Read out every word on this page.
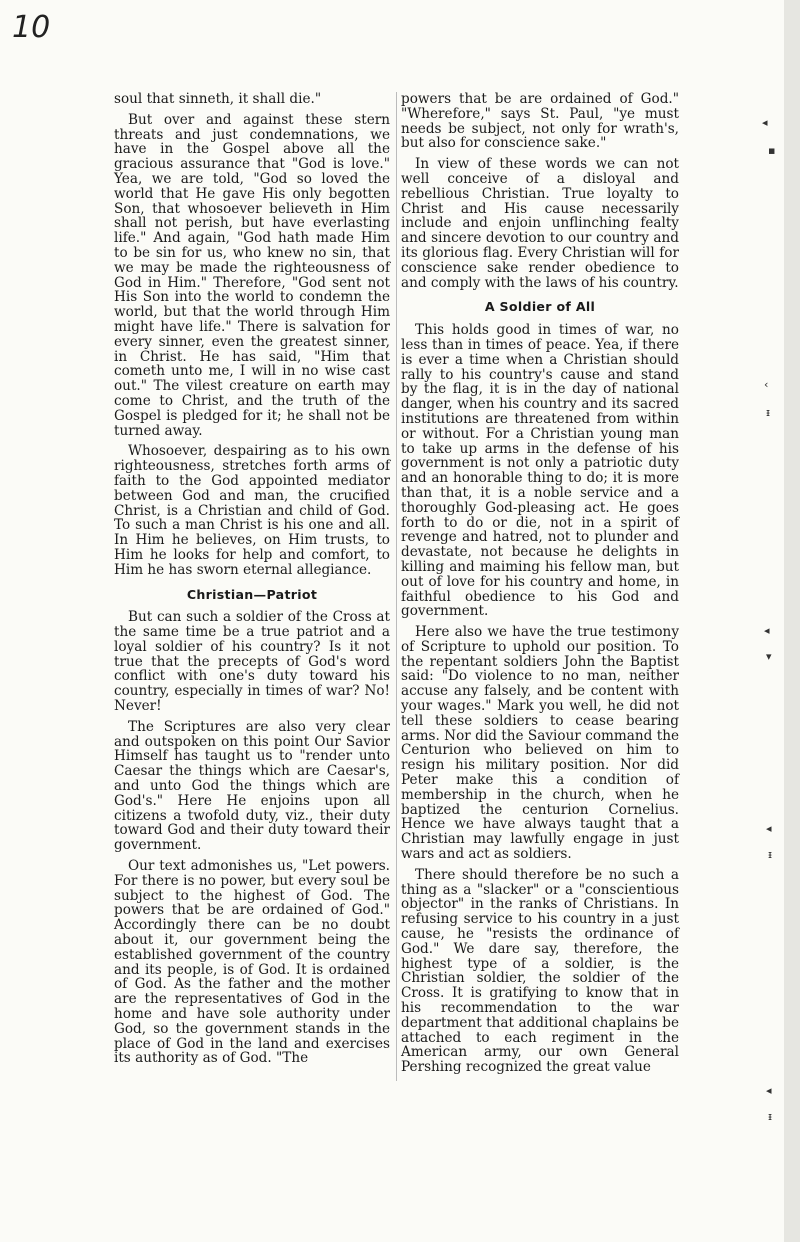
10

soul that sinneth, it shall die."

But over and against these stern threats and just condemnations, we have in the Gospel above all the gracious assurance that "God is love." Yea, we are told, "God so loved the world that He gave His only begotten Son, that whosoever believeth in Him shall not perish, but have everlasting life." And again, "God hath made Him to be sin for us, who knew no sin, that we may be made the righteousness of God in Him." Therefore, "God sent not His Son into the world to condemn the world, but that the world through Him might have life." There is salvation for every sinner, even the greatest sinner, in Christ. He has said, "Him that cometh unto me, I will in no wise cast out." The vilest creature on earth may come to Christ, and the truth of the Gospel is pledged for it; he shall not be turned away.

Whosoever, despairing as to his own righteousness, stretches forth arms of faith to the God appointed mediator between God and man, the crucified Christ, is a Christian and child of God. To such a man Christ is his one and all. In Him he believes, on Him trusts, to Him he looks for help and comfort, to Him he has sworn eternal allegiance.

Christian—Patriot

But can such a soldier of the Cross at the same time be a true patriot and a loyal soldier of his country? Is it not true that the precepts of God's word conflict with one's duty toward his country, especially in times of war? No! Never!

The Scriptures are also very clear and outspoken on this point Our Savior Himself has taught us to "render unto Caesar the things which are Caesar's, and unto God the things which are God's." Here He enjoins upon all citizens a twofold duty, viz., their duty toward God and their duty toward their government.

Our text admonishes us, "Let powers. For there is no power, but every soul be subject to the highest of God. The powers that be are ordained of God." Accordingly there can be no doubt about it, our government being the established government of the country and its people, is of God. It is ordained of God. As the father and the mother are the representatives of God in the home and have sole authority under God, so the government stands in the place of God in the land and exercises its authority as of God. "The

powers that be are ordained of God." "Wherefore," says St. Paul, "ye must needs be subject, not only for wrath's, but also for conscience sake."

In view of these words we can not well conceive of a disloyal and rebellious Christian. True loyalty to Christ and His cause necessarily include and enjoin unflinching fealty and sincere devotion to our country and its glorious flag. Every Christian will for conscience sake render obedience to and comply with the laws of his country.

A Soldier of All

This holds good in times of war, no less than in times of peace. Yea, if there is ever a time when a Christian should rally to his country's cause and stand by the flag, it is in the day of national danger, when his country and its sacred institutions are threatened from within or without. For a Christian young man to take up arms in the defense of his government is not only a patriotic duty and an honorable thing to do; it is more than that, it is a noble service and a thoroughly God-pleasing act. He goes forth to do or die, not in a spirit of revenge and hatred, not to plunder and devastate, not because he delights in killing and maiming his fellow man, but out of love for his country and home, in faithful obedience to his God and government.

Here also we have the true testimony of Scripture to uphold our position. To the repentant soldiers John the Baptist said: "Do violence to no man, neither accuse any falsely, and be content with your wages." Mark you well, he did not tell these soldiers to cease bearing arms. Nor did the Saviour command the Centurion who believed on him to resign his military position. Nor did Peter make this a condition of membership in the church, when he baptized the centurion Cornelius. Hence we have always taught that a Christian may lawfully engage in just wars and act as soldiers.

There should therefore be no such a thing as a "slacker" or a "conscientious objector" in the ranks of Christians. In refusing service to his country in a just cause, he "resists the ordinance of God." We dare say, therefore, the highest type of a soldier, is the Christian soldier, the soldier of the Cross. It is gratifying to know that in his recommendation to the war department that additional chaplains be attached to each regiment in the American army, our own General Pershing recognized the great value

◂
▪
‹
ᵻ
◂
▾
◂
ᵻ
◂
ᵻ
